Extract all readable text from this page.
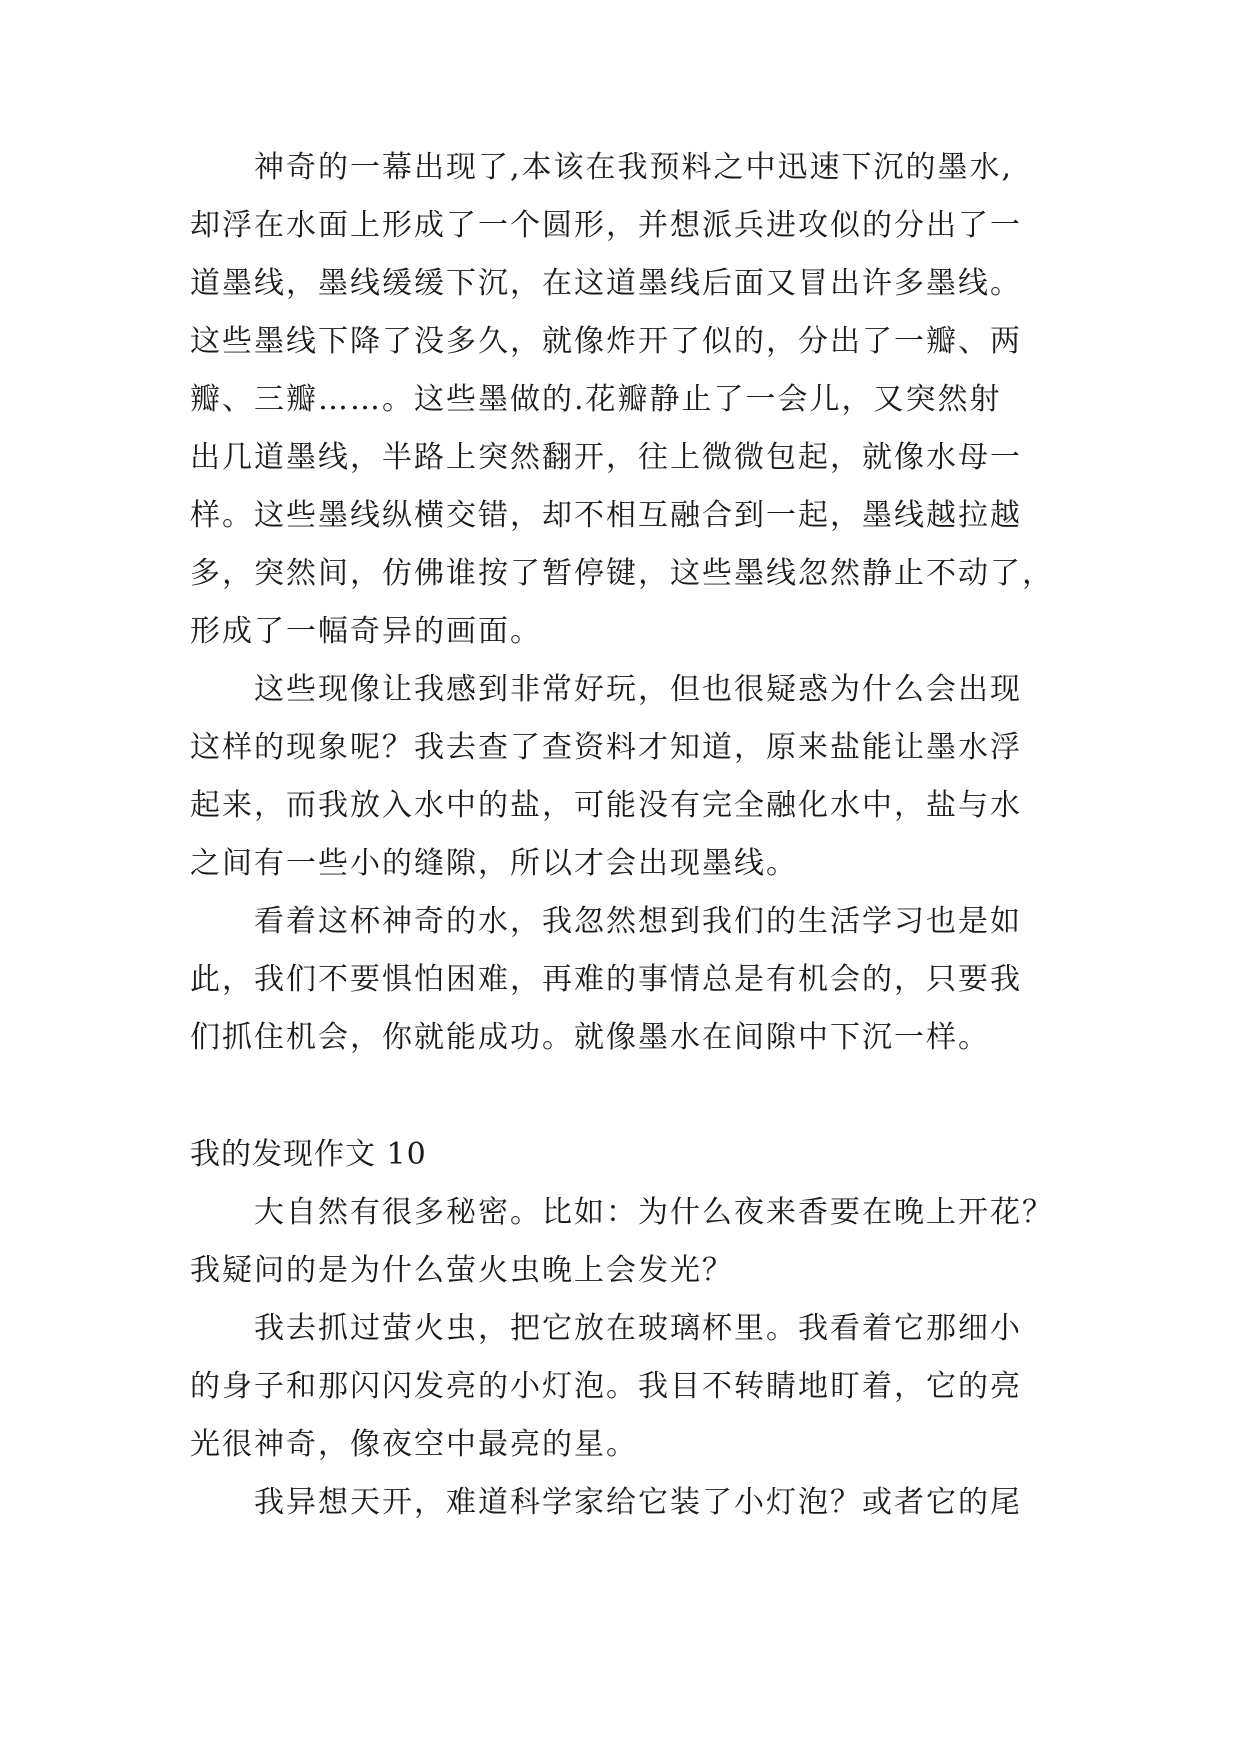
神奇的一幕出现了,本该在我预料之中迅速下沉的墨水,
却浮在水面上形成了一个圆形，并想派兵进攻似的分出了一
道墨线，墨线缓缓下沉，在这道墨线后面又冒出许多墨线。
这些墨线下降了没多久，就像炸开了似的，分出了一瓣、两
瓣、三瓣……。这些墨做的.花瓣静止了一会儿，又突然射
出几道墨线，半路上突然翻开，往上微微包起，就像水母一
样。这些墨线纵横交错，却不相互融合到一起，墨线越拉越
多，突然间，仿佛谁按了暂停键，这些墨线忽然静止不动了，
形成了一幅奇异的画面。
这些现像让我感到非常好玩，但也很疑惑为什么会出现
这样的现象呢？我去查了查资料才知道，原来盐能让墨水浮
起来，而我放入水中的盐，可能没有完全融化水中，盐与水
之间有一些小的缝隙，所以才会出现墨线。
看着这杯神奇的水，我忽然想到我们的生活学习也是如
此，我们不要惧怕困难，再难的事情总是有机会的，只要我
们抓住机会，你就能成功。就像墨水在间隙中下沉一样。
我的发现作文 10
大自然有很多秘密。比如：为什么夜来香要在晚上开花？
我疑问的是为什么萤火虫晚上会发光？
我去抓过萤火虫，把它放在玻璃杯里。我看着它那细小
的身子和那闪闪发亮的小灯泡。我目不转睛地盯着，它的亮
光很神奇，像夜空中最亮的星。
我异想天开，难道科学家给它装了小灯泡？或者它的尾
